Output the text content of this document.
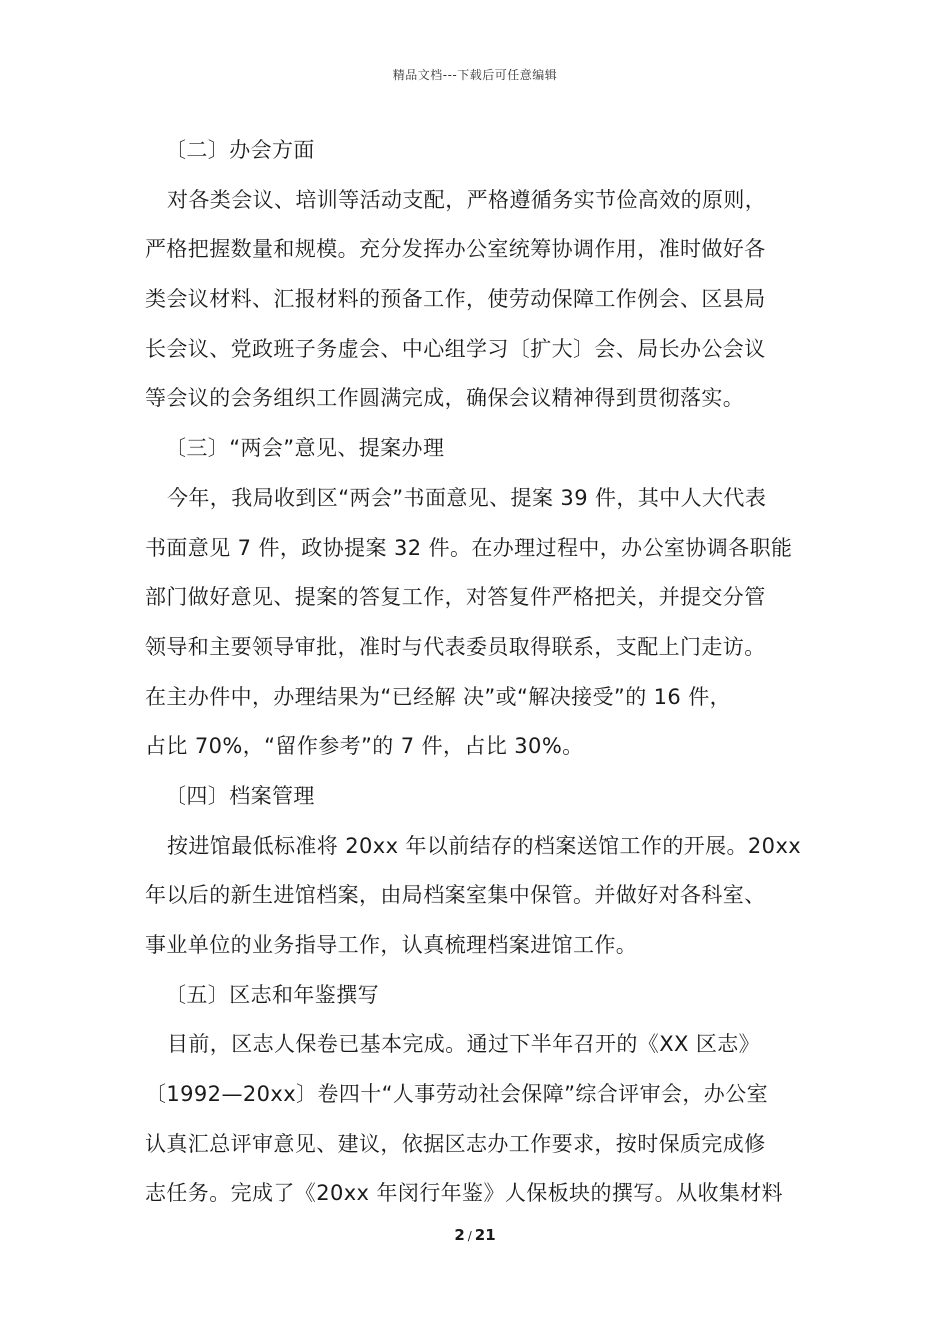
精品文档---下载后可任意编辑
〔二〕办会方面
对各类会议、培训等活动支配，严格遵循务实节俭高效的原则，
严格把握数量和规模。充分发挥办公室统筹协调作用，准时做好各
类会议材料、汇报材料的预备工作，使劳动保障工作例会、区县局
长会议、党政班子务虚会、中心组学习〔扩大〕会、局长办公会议
等会议的会务组织工作圆满完成，确保会议精神得到贯彻落实。
〔三〕“两会”意见、提案办理
今年，我局收到区“两会”书面意见、提案 39 件，其中人大代表
书面意见 7 件，政协提案 32 件。在办理过程中，办公室协调各职能
部门做好意见、提案的答复工作，对答复件严格把关，并提交分管
领导和主要领导审批，准时与代表委员取得联系，支配上门走访。
在主办件中，办理结果为“已经解 决”或“解决接受”的 16 件，
占比 70%，“留作参考”的 7 件，占比 30%。
〔四〕档案管理
按进馆最低标准将 20xx 年以前结存的档案送馆工作的开展。20xx
年以后的新生进馆档案，由局档案室集中保管。并做好对各科室、
事业单位的业务指导工作，认真梳理档案进馆工作。
〔五〕区志和年鉴撰写
目前，区志人保卷已基本完成。通过下半年召开的《XX 区志》
〔1992—20xx〕卷四十“人事劳动社会保障”综合评审会，办公室
认真汇总评审意见、建议，依据区志办工作要求，按时保质完成修
志任务。完成了《20xx 年闵行年鉴》人保板块的撰写。从收集材料
2 / 21
